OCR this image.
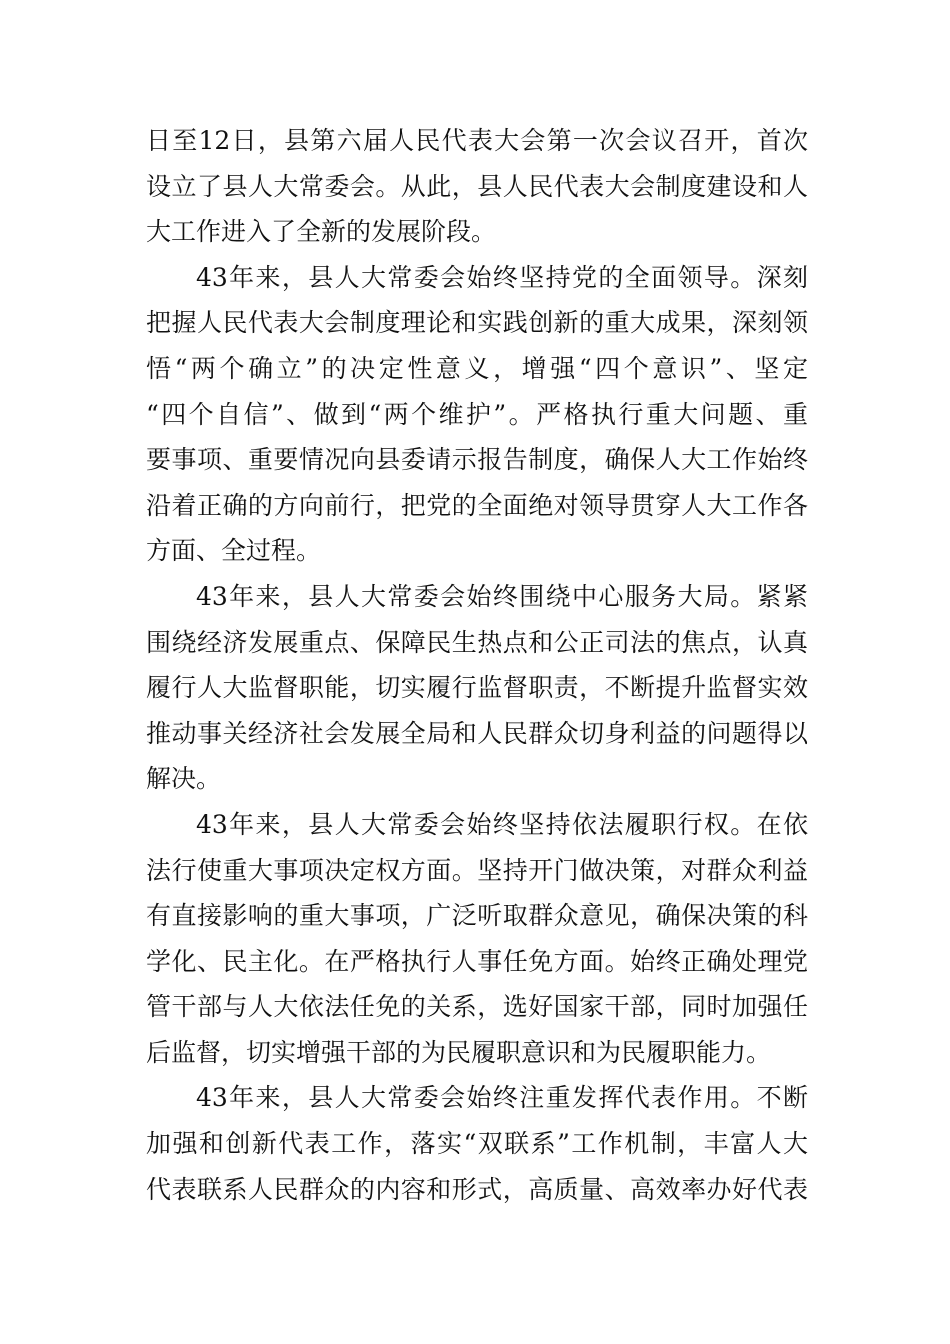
日至12日，县第六届人民代表大会第一次会议召开，首次
设立了县人大常委会。从此，县人民代表大会制度建设和人
大工作进入了全新的发展阶段。
43年来，县人大常委会始终坚持党的全面领导。深刻
把握人民代表大会制度理论和实践创新的重大成果，深刻领
悟“两个确立”的决定性意义，增强“四个意识”、坚定
“四个自信”、做到“两个维护”。严格执行重大问题、重
要事项、重要情况向县委请示报告制度，确保人大工作始终
沿着正确的方向前行，把党的全面绝对领导贯穿人大工作各
方面、全过程。
43年来，县人大常委会始终围绕中心服务大局。紧紧
围绕经济发展重点、保障民生热点和公正司法的焦点，认真
履行人大监督职能，切实履行监督职责，不断提升监督实效
推动事关经济社会发展全局和人民群众切身利益的问题得以
解决。
43年来，县人大常委会始终坚持依法履职行权。在依
法行使重大事项决定权方面。坚持开门做决策，对群众利益
有直接影响的重大事项，广泛听取群众意见，确保决策的科
学化、民主化。在严格执行人事任免方面。始终正确处理党
管干部与人大依法任免的关系，选好国家干部，同时加强任
后监督，切实增强干部的为民履职意识和为民履职能力。
43年来，县人大常委会始终注重发挥代表作用。不断
加强和创新代表工作，落实“双联系”工作机制，丰富人大
代表联系人民群众的内容和形式，高质量、高效率办好代表
